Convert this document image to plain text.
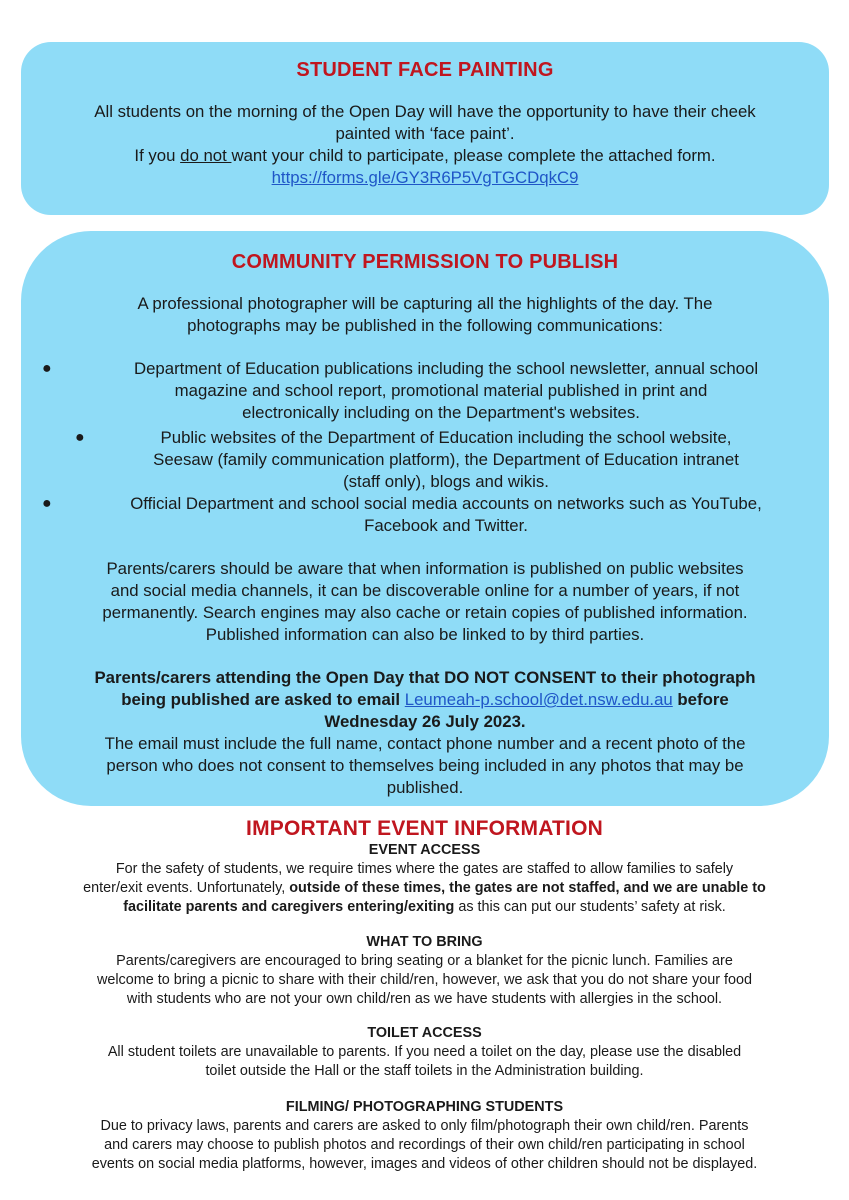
STUDENT FACE PAINTING
All students on the morning of the Open Day will have the opportunity to have their cheek
painted with ‘face paint’.
If you do not want your child to participate, please complete the attached form.
https://forms.gle/GY3R6P5VgTGCDqkC9
COMMUNITY PERMISSION TO PUBLISH
A professional photographer will be capturing all the highlights of the day. The
photographs may be published in the following communications:
●	Department of Education publications including the school newsletter, annual school
magazine and school report, promotional material published in print and
electronically including on the Department's websites.
●	Public websites of the Department of Education including the school website,
Seesaw (family communication platform), the Department of Education intranet
(staff only), blogs and wikis.
●	Official Department and school social media accounts on networks such as YouTube,
Facebook and Twitter.
Parents/carers should be aware that when information is published on public websites
and social media channels, it can be discoverable online for a number of years, if not
permanently. Search engines may also cache or retain copies of published information.
Published information can also be linked to by third parties.
Parents/carers attending the Open Day that DO NOT CONSENT to their photograph
being published are asked to email Leumeah-p.school@det.nsw.edu.au before
Wednesday 26 July 2023.
The email must include the full name, contact phone number and a recent photo of the
person who does not consent to themselves being included in any photos that may be
published.
IMPORTANT EVENT INFORMATION
EVENT ACCESS
For the safety of students, we require times where the gates are staffed to allow families to safely
enter/exit events. Unfortunately, outside of these times, the gates are not staffed, and we are unable to
facilitate parents and caregivers entering/exiting as this can put our students’ safety at risk.
WHAT TO BRING
Parents/caregivers are encouraged to bring seating or a blanket for the picnic lunch. Families are
welcome to bring a picnic to share with their child/ren, however, we ask that you do not share your food
with students who are not your own child/ren as we have students with allergies in the school.
TOILET ACCESS
All student toilets are unavailable to parents. If you need a toilet on the day, please use the disabled
toilet outside the Hall or the staff toilets in the Administration building.
FILMING/ PHOTOGRAPHING STUDENTS
Due to privacy laws, parents and carers are asked to only film/photograph their own child/ren. Parents
and carers may choose to publish photos and recordings of their own child/ren participating in school
events on social media platforms, however, images and videos of other children should not be displayed.
